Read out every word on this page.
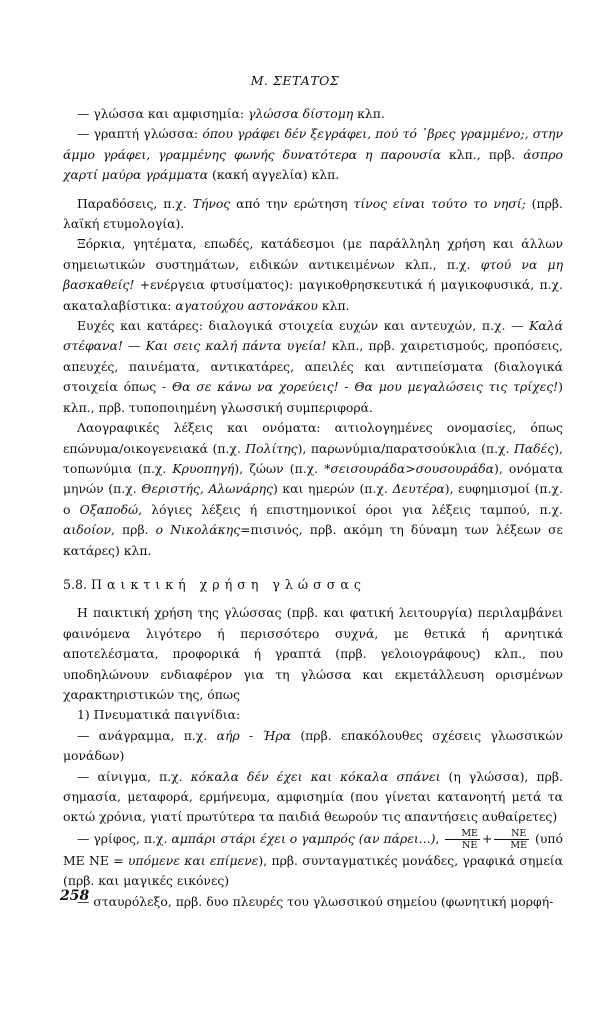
Μ. ΣΕΤΑΤΟΣ

— γλώσσα και αμφισημία: γλώσσα δίστομη κλπ.

— γραπτή γλώσσα: όπου γράφει δέν ξεγράφει, πού τό ᾿βρες γραμμένο;, στην άμμο γράφει, γραμμένης φωνής δυνατότερα η παρουσία κλπ., πρβ. άσπρο χαρτί μαύρα γράμματα (κακή αγγελία) κλπ.

Παραδόσεις, π.χ. Τήνος από την ερώτηση τίνος είναι τούτο το νησί; (πρβ. λαϊκή ετυμολογία).

Ξόρκια, γητέματα, επωδές, κατάδεσμοι (με παράλληλη χρήση και άλλων σημειωτικών συστημάτων, ειδικών αντικειμένων κλπ., π.χ. φτού να μη βασκαθείς! +ενέργεια φτυσίματος): μαγικοθρησκευτικά ή μαγικοφυσικά, π.χ. ακαταλαβίστικα: αγατούχου αστονάκου κλπ.

Ευχές και κατάρες: διαλογικά στοιχεία ευχών και αντευχών, π.χ. — Καλά στέφανα! — Και σεις καλή πάντα υγεία! κλπ., πρβ. χαιρετισμούς, προπόσεις, απευχές, παινέματα, αντικατάρες, απειλές και αντιπείσματα (διαλογικά στοιχεία όπως - Θα σε κάνω να χορεύεις! - Θα μου μεγαλώσεις τις τρίχες!) κλπ., πρβ. τυποποιημένη γλωσσική συμπεριφορά.

Λαογραφικές λέξεις και ονόματα: αιτιολογημένες ονομασίες, όπως επώνυμα/οικογενειακά (π.χ. Πολίτης), παρωνύμια/παρατσούκλια (π.χ. Παδές), τοπωνύμια (π.χ. Κρυοπηγή), ζώων (π.χ. *σεισουράδα>σουσουράδα), ονόματα μηνών (π.χ. Θεριστής, Αλωνάρης) και ημερών (π.χ. Δευτέρα), ευφημισμοί (π.χ. ο Οξαποδώ, λόγιες λέξεις ή επιστημονικοί όροι για λέξεις ταμπού, π.χ. αιδοίον, πρβ. ο Νικολάκης=πισινός, πρβ. ακόμη τη δύναμη των λέξεων σε κατάρες) κλπ.

5.8. Παικτική χρήση γλώσσας

Η παικτική χρήση της γλώσσας (πρβ. και φατική λειτουργία) περιλαμβάνει φαινόμενα λιγότερο ή περισσότερο συχνά, με θετικά ή αρνητικά αποτελέσματα, προφορικά ή γραπτά (πρβ. γελοιογράφους) κλπ., που υποδηλώνουν ενδιαφέρον για τη γλώσσα και εκμετάλλευση ορισμένων χαρακτηριστικών της, όπως

1) Πνευματικά παιγνίδια:

— ανάγραμμα, π.χ. αήρ - Ήρα (πρβ. επακόλουθες σχέσεις γλωσσικών μονάδων)

— αίνιγμα, π.χ. κόκαλα δέν έχει και κόκαλα σπάνει (η γλώσσα), πρβ. σημασία, μεταφορά, ερμήνευμα, αμφισημία (που γίνεται κατανοητή μετά τα οκτώ χρόνια, γιατί πρωτύτερα τα παιδιά θεωρούν τις απαντήσεις αυθαίρετες)

— γρίφος, π.χ. αμπάρι στάρι έχει ο γαμπρός (αν πάρει...), $\frac{ME}{NE} + \frac{NE}{ME} (\upsilon\pi ό$ ΜΕ ΝΕ = υπόμενε και επίμενε), πρβ. συνταγματικές μονάδες, γραφικά σημεία (πρβ. και μαγικές εικόνες)

— σταυρόλεξο, πρβ. δυο πλευρές του γλωσσικού σημείου (φωνητική μορφή-

258
